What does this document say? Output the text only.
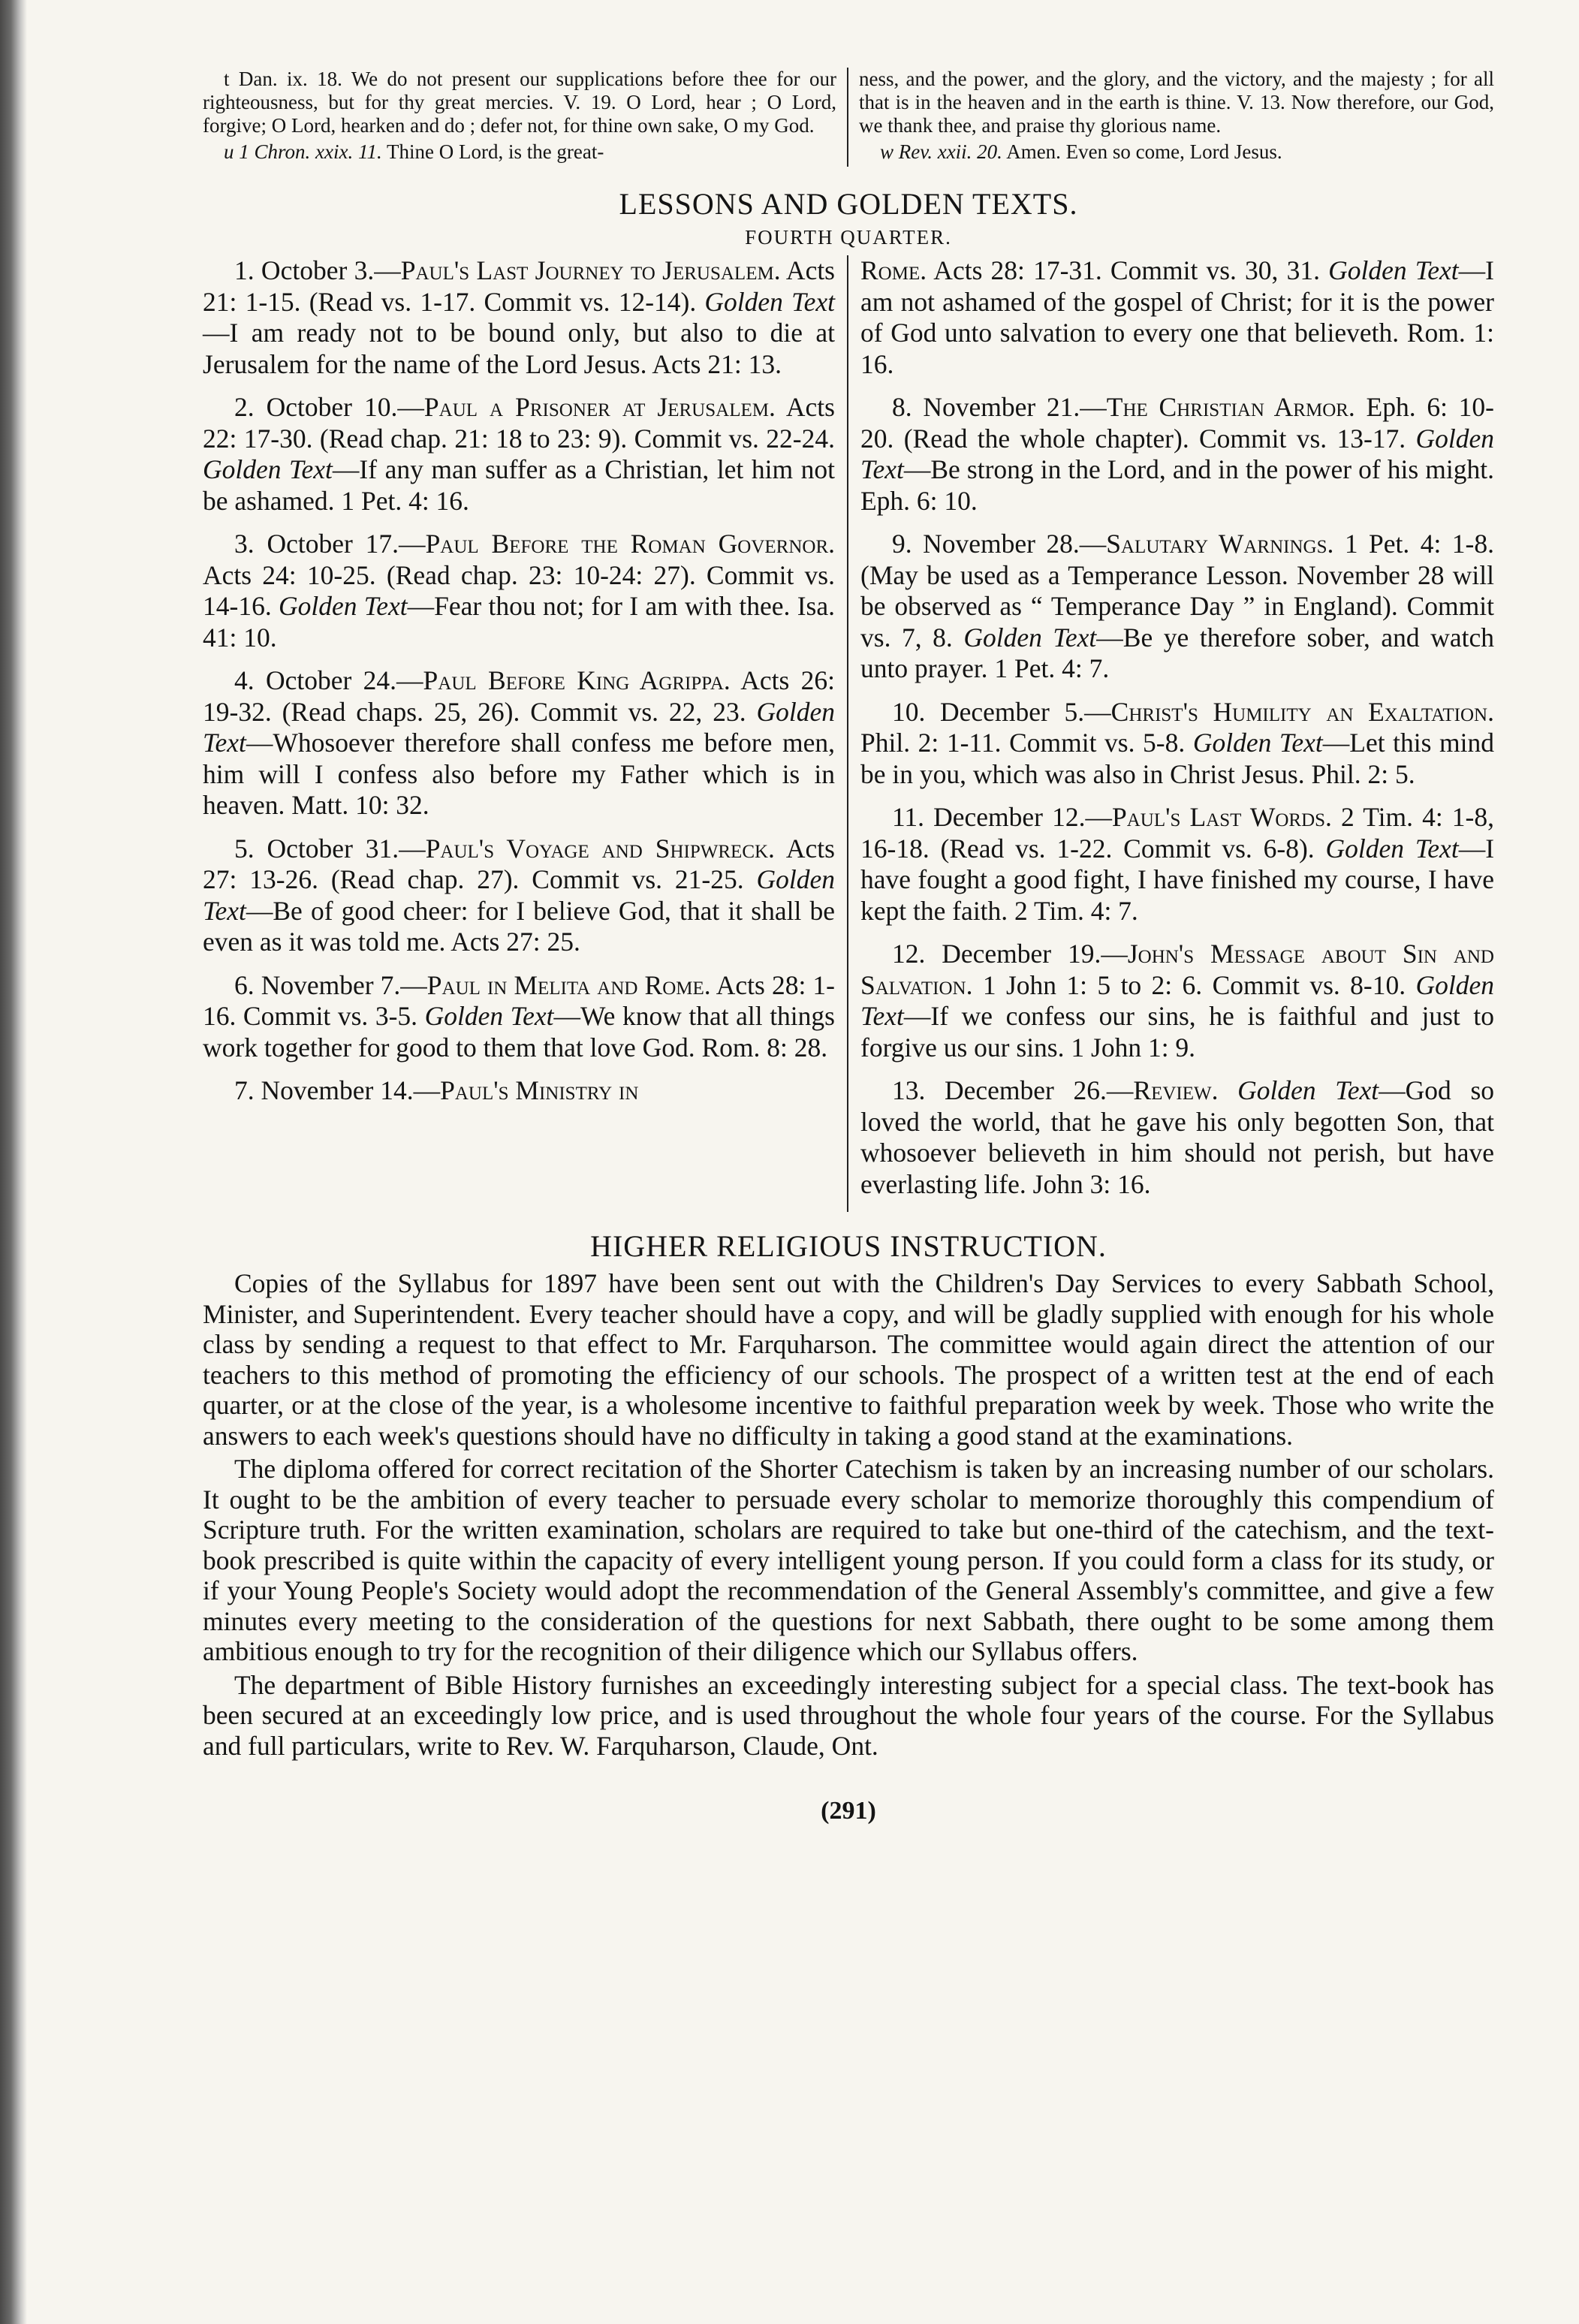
t Dan. ix. 18. We do not present our supplications before thee for our righteousness, but for thy great mercies. V. 19. O Lord, hear ; O Lord, forgive; O Lord, hearken and do ; defer not, for thine own sake, O my God.

u 1 Chron. xxix. 11. Thine O Lord, is the great-

ness, and the power, and the glory, and the victory, and the majesty ; for all that is in the heaven and in the earth is thine. V. 13. Now therefore, our God, we thank thee, and praise thy glorious name.

w Rev. xxii. 20. Amen. Even so come, Lord Jesus.

LESSONS AND GOLDEN TEXTS.
FOURTH QUARTER.

1. October 3.—Paul's Last Journey to Jerusalem. Acts 21: 1-15. (Read vs. 1-17. Commit vs. 12-14). Golden Text—I am ready not to be bound only, but also to die at Jerusalem for the name of the Lord Jesus. Acts 21: 13.

2. October 10.—Paul a Prisoner at Jerusalem. Acts 22: 17-30. (Read chap. 21: 18 to 23: 9). Commit vs. 22-24. Golden Text—If any man suffer as a Christian, let him not be ashamed. 1 Pet. 4: 16.

3. October 17.—Paul Before the Roman Governor. Acts 24: 10-25. (Read chap. 23: 10-24: 27). Commit vs. 14-16. Golden Text—Fear thou not; for I am with thee. Isa. 41: 10.

4. October 24.—Paul Before King Agrippa. Acts 26: 19-32. (Read chaps. 25, 26). Commit vs. 22, 23. Golden Text—Whosoever therefore shall confess me before men, him will I confess also before my Father which is in heaven. Matt. 10: 32.

5. October 31.—Paul's Voyage and Shipwreck. Acts 27: 13-26. (Read chap. 27). Commit vs. 21-25. Golden Text—Be of good cheer: for I believe God, that it shall be even as it was told me. Acts 27: 25.

6. November 7.—Paul in Melita and Rome. Acts 28: 1-16. Commit vs. 3-5. Golden Text—We know that all things work together for good to them that love God. Rom. 8: 28.

7. November 14.—Paul's Ministry in

Rome. Acts 28: 17-31. Commit vs. 30, 31. Golden Text—I am not ashamed of the gospel of Christ; for it is the power of God unto salvation to every one that believeth. Rom. 1: 16.

8. November 21.—The Christian Armor. Eph. 6: 10-20. (Read the whole chapter). Commit vs. 13-17. Golden Text—Be strong in the Lord, and in the power of his might. Eph. 6: 10.

9. November 28.—Salutary Warnings. 1 Pet. 4: 1-8. (May be used as a Temperance Lesson. November 28 will be observed as “ Temperance Day ” in England). Commit vs. 7, 8. Golden Text—Be ye therefore sober, and watch unto prayer. 1 Pet. 4: 7.

10. December 5.—Christ's Humility an Exaltation. Phil. 2: 1-11. Commit vs. 5-8. Golden Text—Let this mind be in you, which was also in Christ Jesus. Phil. 2: 5.

11. December 12.—Paul's Last Words. 2 Tim. 4: 1-8, 16-18. (Read vs. 1-22. Commit vs. 6-8). Golden Text—I have fought a good fight, I have finished my course, I have kept the faith. 2 Tim. 4: 7.

12. December 19.—John's Message about Sin and Salvation. 1 John 1: 5 to 2: 6. Commit vs. 8-10. Golden Text—If we confess our sins, he is faithful and just to forgive us our sins. 1 John 1: 9.

13. December 26.—Review. Golden Text—God so loved the world, that he gave his only begotten Son, that whosoever believeth in him should not perish, but have everlasting life. John 3: 16.

HIGHER RELIGIOUS INSTRUCTION.

Copies of the Syllabus for 1897 have been sent out with the Children's Day Services to every Sabbath School, Minister, and Superintendent. Every teacher should have a copy, and will be gladly supplied with enough for his whole class by sending a request to that effect to Mr. Farquharson. The committee would again direct the attention of our teachers to this method of promoting the efficiency of our schools. The prospect of a written test at the end of each quarter, or at the close of the year, is a wholesome incentive to faithful preparation week by week. Those who write the answers to each week's questions should have no difficulty in taking a good stand at the examinations.

The diploma offered for correct recitation of the Shorter Catechism is taken by an increasing number of our scholars. It ought to be the ambition of every teacher to persuade every scholar to memorize thoroughly this compendium of Scripture truth. For the written examination, scholars are required to take but one-third of the catechism, and the text-book prescribed is quite within the capacity of every intelligent young person. If you could form a class for its study, or if your Young People's Society would adopt the recommendation of the General Assembly's committee, and give a few minutes every meeting to the consideration of the questions for next Sabbath, there ought to be some among them ambitious enough to try for the recognition of their diligence which our Syllabus offers.

The department of Bible History furnishes an exceedingly interesting subject for a special class. The text-book has been secured at an exceedingly low price, and is used throughout the whole four years of the course. For the Syllabus and full particulars, write to Rev. W. Farquharson, Claude, Ont.

(291)
